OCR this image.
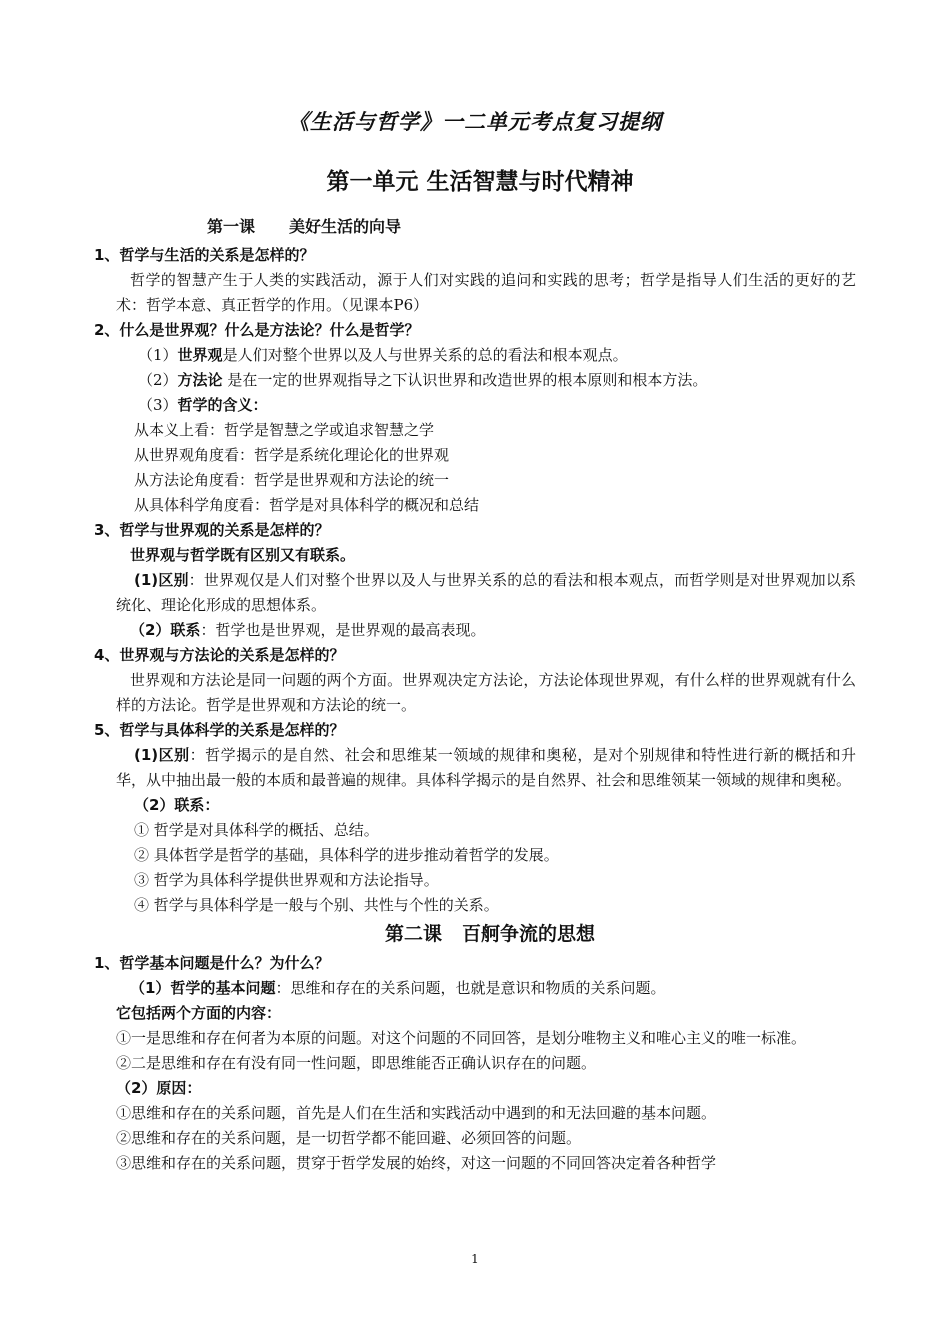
《生活与哲学》一二单元考点复习提纲
第一单元 生活智慧与时代精神
第一课 美好生活的向导
1、哲学与生活的关系是怎样的？
哲学的智慧产生于人类的实践活动，源于人们对实践的追问和实践的思考；哲学是指导人们生活的更好的艺术：哲学本意、真正哲学的作用。（见课本P6）
2、什么是世界观？什么是方法论？什么是哲学？
（1）世界观是人们对整个世界以及人与世界关系的总的看法和根本观点。
（2）方法论 是在一定的世界观指导之下认识世界和改造世界的根本原则和根本方法。
（3）哲学的含义：
从本义上看：哲学是智慧之学或追求智慧之学
从世界观角度看：哲学是系统化理论化的世界观
从方法论角度看：哲学是世界观和方法论的统一
从具体科学角度看：哲学是对具体科学的概况和总结
3、哲学与世界观的关系是怎样的？
世界观与哲学既有区别又有联系。
(1)区别：世界观仅是人们对整个世界以及人与世界关系的总的看法和根本观点，而哲学则是对世界观加以系统化、理论化形成的思想体系。
（2）联系：哲学也是世界观，是世界观的最高表现。
4、世界观与方法论的关系是怎样的？
世界观和方法论是同一问题的两个方面。世界观决定方法论，方法论体现世界观，有什么样的世界观就有什么样的方法论。哲学是世界观和方法论的统一。
5、哲学与具体科学的关系是怎样的？
(1)区别：哲学揭示的是自然、社会和思维某一领域的规律和奥秘，是对个别规律和特性进行新的概括和升华，从中抽出最一般的本质和最普遍的规律。具体科学揭示的是自然界、社会和思维领某一领域的规律和奥秘。
（2）联系：
① 哲学是对具体科学的概括、总结。
② 具体哲学是哲学的基础，具体科学的进步推动着哲学的发展。
③ 哲学为具体科学提供世界观和方法论指导。
④ 哲学与具体科学是一般与个别、共性与个性的关系。
第二课 百舸争流的思想
1、哲学基本问题是什么？为什么？
（1）哲学的基本问题：思维和存在的关系问题，也就是意识和物质的关系问题。
它包括两个方面的内容：
①一是思维和存在何者为本原的问题。对这个问题的不同回答，是划分唯物主义和唯心主义的唯一标准。
②二是思维和存在有没有同一性问题，即思维能否正确认识存在的问题。
（2）原因：
①思维和存在的关系问题，首先是人们在生活和实践活动中遇到的和无法回避的基本问题。
②思维和存在的关系问题，是一切哲学都不能回避、必须回答的问题。
③思维和存在的关系问题，贯穿于哲学发展的始终，对这一问题的不同回答决定着各种哲学
1
